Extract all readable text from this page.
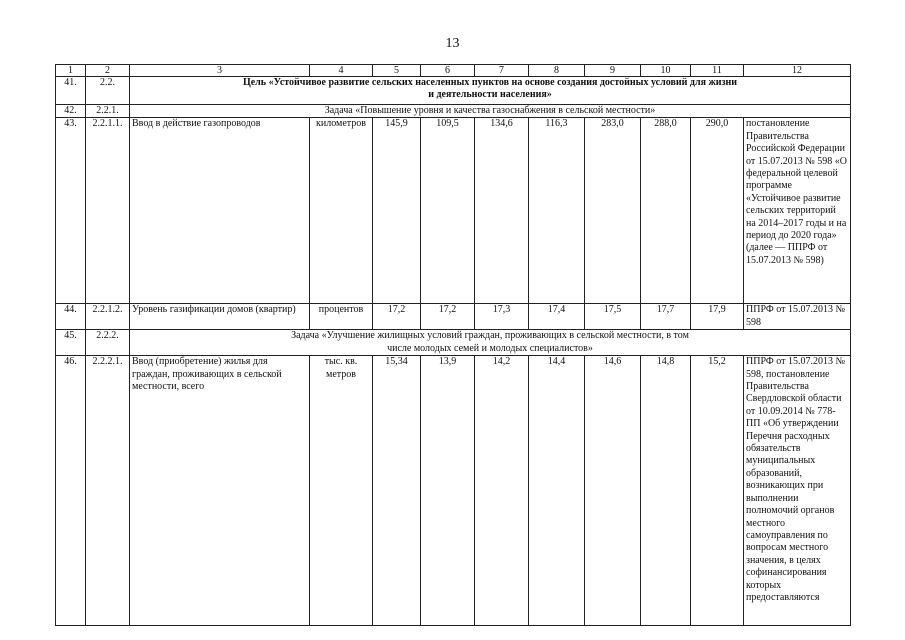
13
1	2	3	4	5	6	7	8	9	10	11	12
41.	2.2.	Цель «Устойчивое развитие сельских населенных пунктов на основе создания достойных условий для жизни и деятельности населения»									
42.	2.2.1.	Задача «Повышение уровня и качества газоснабжения в сельской местности»									
43.	2.2.1.1.	Ввод в действие газопроводов	километров	145,9	109,5	134,6	116,3	283,0	288,0	290,0	постановление Правительства Российской Федерации от 15.07.2013 № 598 «О федеральной целевой программе «Устойчивое развитие сельских территорий на 2014–2017 годы и на период до 2020 года» (далее — ППРФ от 15.07.2013 № 598)
44.	2.2.1.2.	Уровень газификации домов (квартир)	процентов	17,2	17,2	17,3	17,4	17,5	17,7	17,9	ППРФ от 15.07.2013 № 598
45.	2.2.2.	Задача «Улучшение жилищных условий граждан, проживающих в сельской местности, в том числе молодых семей и молодых специалистов»									
46.	2.2.2.1.	Ввод (приобретение) жилья для граждан, проживающих в сельской местности, всего	тыс. кв. метров	15,34	13,9	14,2	14,4	14,6	14,8	15,2	ППРФ от 15.07.2013 № 598, постановление Правительства Свердловской области от 10.09.2014 № 778-ПП «Об утверждении Перечня расходных обязательств муниципальных образований, возникающих при выполнении полномочий органов местного самоуправления по вопросам местного значения, в целях софинансирования которых предоставляются
